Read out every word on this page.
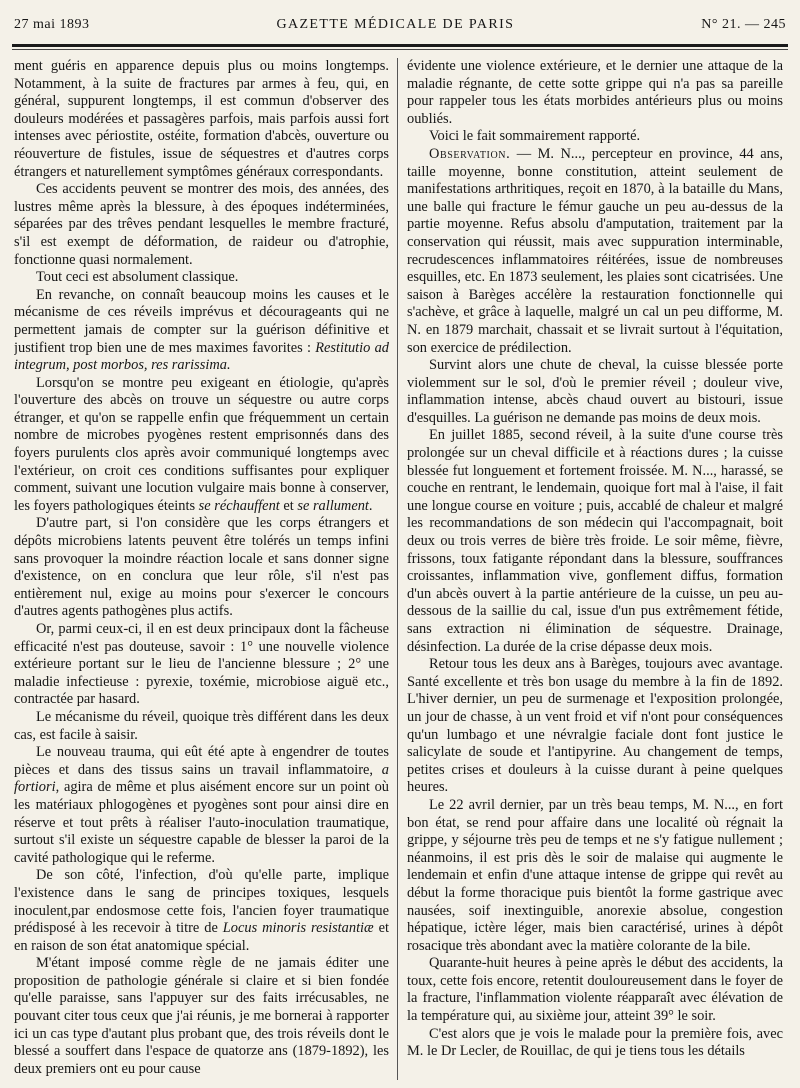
27 mai 1893	GAZETTE MÉDICALE DE PARIS	N° 21. — 245

ment guéris en apparence depuis plus ou moins longtemps. Notamment, à la suite de fractures par armes à feu, qui, en général, suppurent longtemps, il est commun d'observer des douleurs modérées et passagères parfois, mais parfois aussi fort intenses avec périostite, ostéite, formation d'abcès, ouverture ou réouverture de fistules, issue de séquestres et d'autres corps étrangers et naturellement symptômes généraux correspondants.

Ces accidents peuvent se montrer des mois, des années, des lustres même après la blessure, à des époques indéterminées, séparées par des trêves pendant lesquelles le membre fracturé, s'il est exempt de déformation, de raideur ou d'atrophie, fonctionne quasi normalement.

Tout ceci est absolument classique.

En revanche, on connaît beaucoup moins les causes et le mécanisme de ces réveils imprévus et décourageants qui ne permettent jamais de compter sur la guérison définitive et justifient trop bien une de mes maximes favorites : Restitutio ad integrum, post morbos, res rarissima.

Lorsqu'on se montre peu exigeant en étiologie, qu'après l'ouverture des abcès on trouve un séquestre ou autre corps étranger, et qu'on se rappelle enfin que fréquemment un certain nombre de microbes pyogènes restent emprisonnés dans des foyers purulents clos après avoir communiqué longtemps avec l'extérieur, on croit ces conditions suffisantes pour expliquer comment, suivant une locution vulgaire mais bonne à conserver, les foyers pathologiques éteints se réchauffent et se rallument.

D'autre part, si l'on considère que les corps étrangers et dépôts microbiens latents peuvent être tolérés un temps infini sans provoquer la moindre réaction locale et sans donner signe d'existence, on en conclura que leur rôle, s'il n'est pas entièrement nul, exige au moins pour s'exercer le concours d'autres agents pathogènes plus actifs.

Or, parmi ceux-ci, il en est deux principaux dont la fâcheuse efficacité n'est pas douteuse, savoir : 1° une nouvelle violence extérieure portant sur le lieu de l'ancienne blessure ; 2° une maladie infectieuse : pyrexie, toxémie, microbiose aiguë etc., contractée par hasard.

Le mécanisme du réveil, quoique très différent dans les deux cas, est facile à saisir.

Le nouveau trauma, qui eût été apte à engendrer de toutes pièces et dans des tissus sains un travail inflammatoire, a fortiori, agira de même et plus aisément encore sur un point où les matériaux phlogogènes et pyogènes sont pour ainsi dire en réserve et tout prêts à réaliser l'auto-inoculation traumatique, surtout s'il existe un séquestre capable de blesser la paroi de la cavité pathologique qui le referme.

De son côté, l'infection, d'où qu'elle parte, implique l'existence dans le sang de principes toxiques, lesquels inoculent,par endosmose cette fois, l'ancien foyer traumatique prédisposé à les recevoir à titre de Locus minoris resistantiæ et en raison de son état anatomique spécial.

M'étant imposé comme règle de ne jamais éditer une proposition de pathologie générale si claire et si bien fondée qu'elle paraisse, sans l'appuyer sur des faits irrécusables, ne pouvant citer tous ceux que j'ai réunis, je me bornerai à rapporter ici un cas type d'autant plus probant que, des trois réveils dont le blessé a souffert dans l'espace de quatorze ans (1879-1892), les deux premiers ont eu pour cause

évidente une violence extérieure, et le dernier une attaque de la maladie régnante, de cette sotte grippe qui n'a pas sa pareille pour rappeler tous les états morbides antérieurs plus ou moins oubliés.

Voici le fait sommairement rapporté.

Observation. — M. N..., percepteur en province, 44 ans, taille moyenne, bonne constitution, atteint seulement de manifestations arthritiques, reçoit en 1870, à la bataille du Mans, une balle qui fracture le fémur gauche un peu au-dessus de la partie moyenne. Refus absolu d'amputation, traitement par la conservation qui réussit, mais avec suppuration interminable, recrudescences inflammatoires réitérées, issue de nombreuses esquilles, etc. En 1873 seulement, les plaies sont cicatrisées. Une saison à Barèges accélère la restauration fonctionnelle qui s'achève, et grâce à laquelle, malgré un cal un peu difforme, M. N. en 1879 marchait, chassait et se livrait surtout à l'équitation, son exercice de prédilection.

Survint alors une chute de cheval, la cuisse blessée porte violemment sur le sol, d'où le premier réveil ; douleur vive, inflammation intense, abcès chaud ouvert au bistouri, issue d'esquilles. La guérison ne demande pas moins de deux mois.

En juillet 1885, second réveil, à la suite d'une course très prolongée sur un cheval difficile et à réactions dures ; la cuisse blessée fut longuement et fortement froissée. M. N..., harassé, se couche en rentrant, le lendemain, quoique fort mal à l'aise, il fait une longue course en voiture ; puis, accablé de chaleur et malgré les recommandations de son médecin qui l'accompagnait, boit deux ou trois verres de bière très froide. Le soir même, fièvre, frissons, toux fatigante répondant dans la blessure, souffrances croissantes, inflammation vive, gonflement diffus, formation d'un abcès ouvert à la partie antérieure de la cuisse, un peu au-dessous de la saillie du cal, issue d'un pus extrêmement fétide, sans extraction ni élimination de séquestre. Drainage, désinfection. La durée de la crise dépasse deux mois.

Retour tous les deux ans à Barèges, toujours avec avantage. Santé excellente et très bon usage du membre à la fin de 1892. L'hiver dernier, un peu de surmenage et l'exposition prolongée, un jour de chasse, à un vent froid et vif n'ont pour conséquences qu'un lumbago et une névralgie faciale dont font justice le salicylate de soude et l'antipyrine. Au changement de temps, petites crises et douleurs à la cuisse durant à peine quelques heures.

Le 22 avril dernier, par un très beau temps, M. N..., en fort bon état, se rend pour affaire dans une localité où régnait la grippe, y séjourne très peu de temps et ne s'y fatigue nullement ; néanmoins, il est pris dès le soir de malaise qui augmente le lendemain et enfin d'une attaque intense de grippe qui revêt au début la forme thoracique puis bientôt la forme gastrique avec nausées, soif inextinguible, anorexie absolue, congestion hépatique, ictère léger, mais bien caractérisé, urines à dépôt rosacique très abondant avec la matière colorante de la bile.

Quarante-huit heures à peine après le début des accidents, la toux, cette fois encore, retentit douloureusement dans le foyer de la fracture, l'inflammation violente réapparaît avec élévation de la température qui, au sixième jour, atteint 39° le soir.

C'est alors que je vois le malade pour la première fois, avec M. le Dr Lecler, de Rouillac, de qui je tiens tous les détails
